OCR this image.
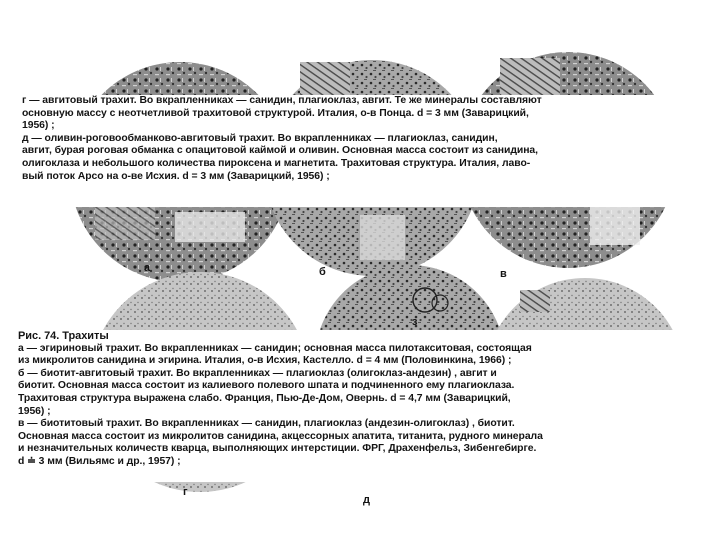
а	б	в
з
г
д

г — авгитовый трахит. Во вкрапленниках — санидин, плагиоклаз, авгит. Те же минералы составляют

основную массу с неотчетливой трахитовой структурой. Италия, о-в Понца. d = 3 мм (Заварицкий,

1956) ;

д — оливин-роговообманково-авгитовый трахит. Во вкрапленниках — плагиоклаз, санидин,

авгит, бурая роговая обманка с опацитовой каймой и оливин. Основная масса состоит из санидина,

олигоклаза и небольшого количества пироксена и магнетита. Трахитовая структура. Италия, лаво-

вый поток Арсо на о-ве Исхия. d = 3 мм (Заварицкий, 1956) ;

Рис. 74. Трахиты

а — эгириновый трахит. Во вкрапленниках — санидин; основная масса пилотакситовая, состоящая

из микролитов санидина и эгирина. Италия, о-в Исхия, Кастелло. d = 4 мм (Половинкина, 1966) ;

б — биотит-авгитовый трахит. Во вкрапленниках — плагиоклаз (олигоклаз-андезин) , авгит и

биотит. Основная масса состоит из калиевого полевого шпата и подчиненного ему плагиоклаза.

Трахитовая структура выражена слабо. Франция, Пью-Де-Дом, Овернь. d = 4,7 мм (Заварицкий,

1956) ;

в — биотитовый трахит. Во вкрапленниках — санидин, плагиоклаз (андезин-олигоклаз) , биотит.

Основная масса состоит из микролитов санидина, акцессорных апатита, титанита, рудного минерала

и незначительных количеств кварца, выполняющих интерстиции. ФРГ, Драхенфельз, Зибенгебирге.

d ≐ 3 мм (Вильямс и др., 1957) ;
